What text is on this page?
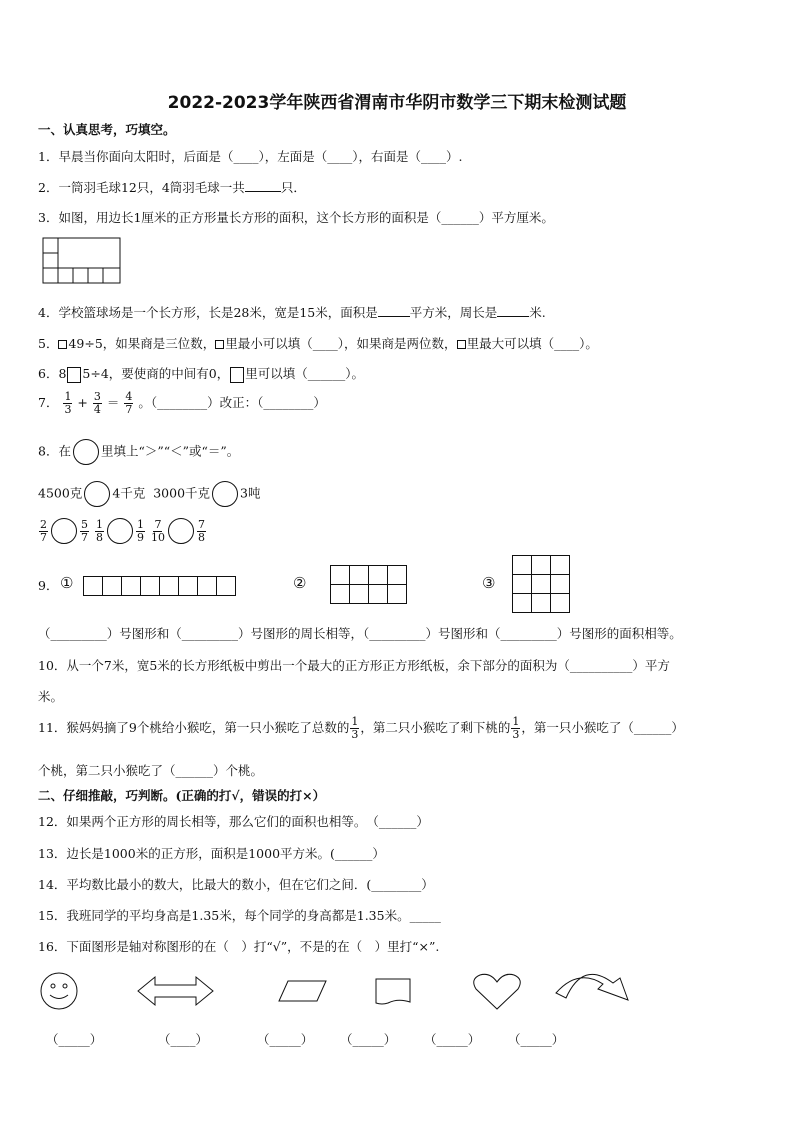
2022-2023学年陕西省渭南市华阴市数学三下期末检测试题
一、认真思考，巧填空。
1．早晨当你面向太阳时，后面是（____），左面是（____），右面是（____）.
2．一筒羽毛球12只，4筒羽毛球一共	只．
3．如图，用边长1厘米的正方形量长方形的面积，这个长方形的面积是（______）平方厘米。
4．学校篮球场是一个长方形，长是28米，宽是15米，面积是	平方米，周长是	米.
5． 49÷5，如果商是三位数， 里最小可以填（____），如果商是两位数， 里最大可以填（____）。
6．8 5÷4，要使商的中间有0， 里可以填（______）。
7． $\frac{1}{3} + \frac{3}{4} = \frac{4}{7}$ 。（________）改正：（________）
8．在 里填上“＞”“＜”或“＝”。
4500克 4千克 3000千克 3吨
$\frac{2}{7}$	$\frac{5}{7}$
$\frac{1}{8}$	$\frac{1}{9}$
$\frac{7}{10}$	$\frac{7}{8}$
9． ①	②	③
（_________）号图形和（_________）号图形的周长相等，（_________）号图形和（_________）号图形的面积相等。
10．从一个7米，宽5米的长方形纸板中剪出一个最大的正方形正方形纸板，余下部分的面积为（__________）平方
米。
11．猴妈妈摘了9个桃给小猴吃，第一只小猴吃了总数的 $\frac{1}{3}$ ，第二只小猴吃了剩下桃的 $\frac{1}{3}$ ，第一只小猴吃了（______）
个桃，第二只小猴吃了（______）个桃。
二、仔细推敲，巧判断。(正确的打√，错误的打×）
12．如果两个正方形的周长相等，那么它们的面积也相等。　（______）
13．边长是1000米的正方形，面积是1000平方米。(______）
14．平均数比最小的数大，比最大的数小，但在它们之间．(________）
15．我班同学的平均身高是1.35米，每个同学的身高都是1.35米。_____
16．下面图形是轴对称图形的在（　）打“√”，不是的在（　）里打“×”.
（_____）	（____）	（_____） （_____） （_____） （_____）
